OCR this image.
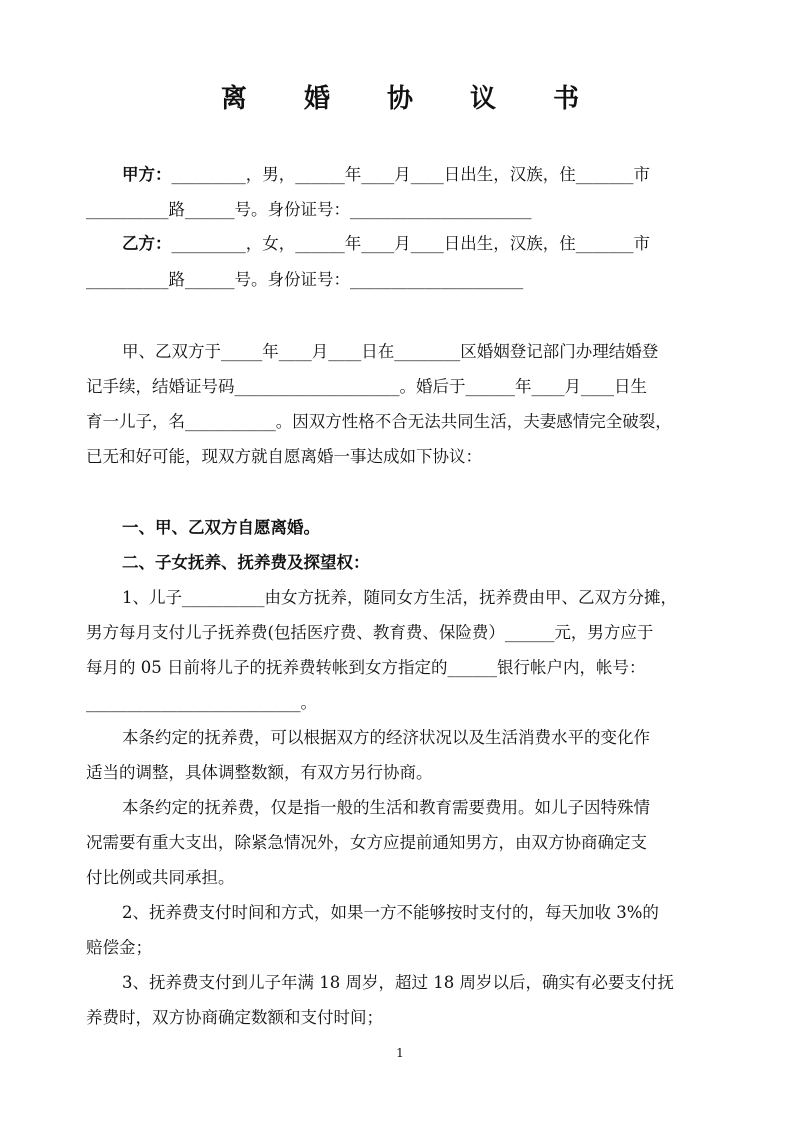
离 婚 协 议 书
甲方：_________，男，______年____月____日出生，汉族，住_______市
__________路______号。身份证号：______________________
乙方：_________，女，______年____月____日出生，汉族，住_______市
__________路______号。身份证号：_____________________
甲、乙双方于_____年____月____日在________区婚姻登记部门办理结婚登
记手续，结婚证号码____________________。婚后于______年____月____日生
育一儿子，名___________。因双方性格不合无法共同生活，夫妻感情完全破裂，
已无和好可能，现双方就自愿离婚一事达成如下协议：
一、甲、乙双方自愿离婚。
二、子女抚养、抚养费及探望权：
1、儿子__________由女方抚养，随同女方生活，抚养费由甲、乙双方分摊，
男方每月支付儿子抚养费(包括医疗费、教育费、保险费）______元，男方应于
每月的 05 日前将儿子的抚养费转帐到女方指定的______银行帐户内，帐号：
__________________________。
本条约定的抚养费，可以根据双方的经济状况以及生活消费水平的变化作
适当的调整，具体调整数额，有双方另行协商。
本条约定的抚养费，仅是指一般的生活和教育需要费用。如儿子因特殊情
况需要有重大支出，除紧急情况外，女方应提前通知男方，由双方协商确定支
付比例或共同承担。
2、抚养费支付时间和方式，如果一方不能够按时支付的，每天加收 3%的
赔偿金；
3、抚养费支付到儿子年满 18 周岁，超过 18 周岁以后，确实有必要支付抚
养费时，双方协商确定数额和支付时间；
1
